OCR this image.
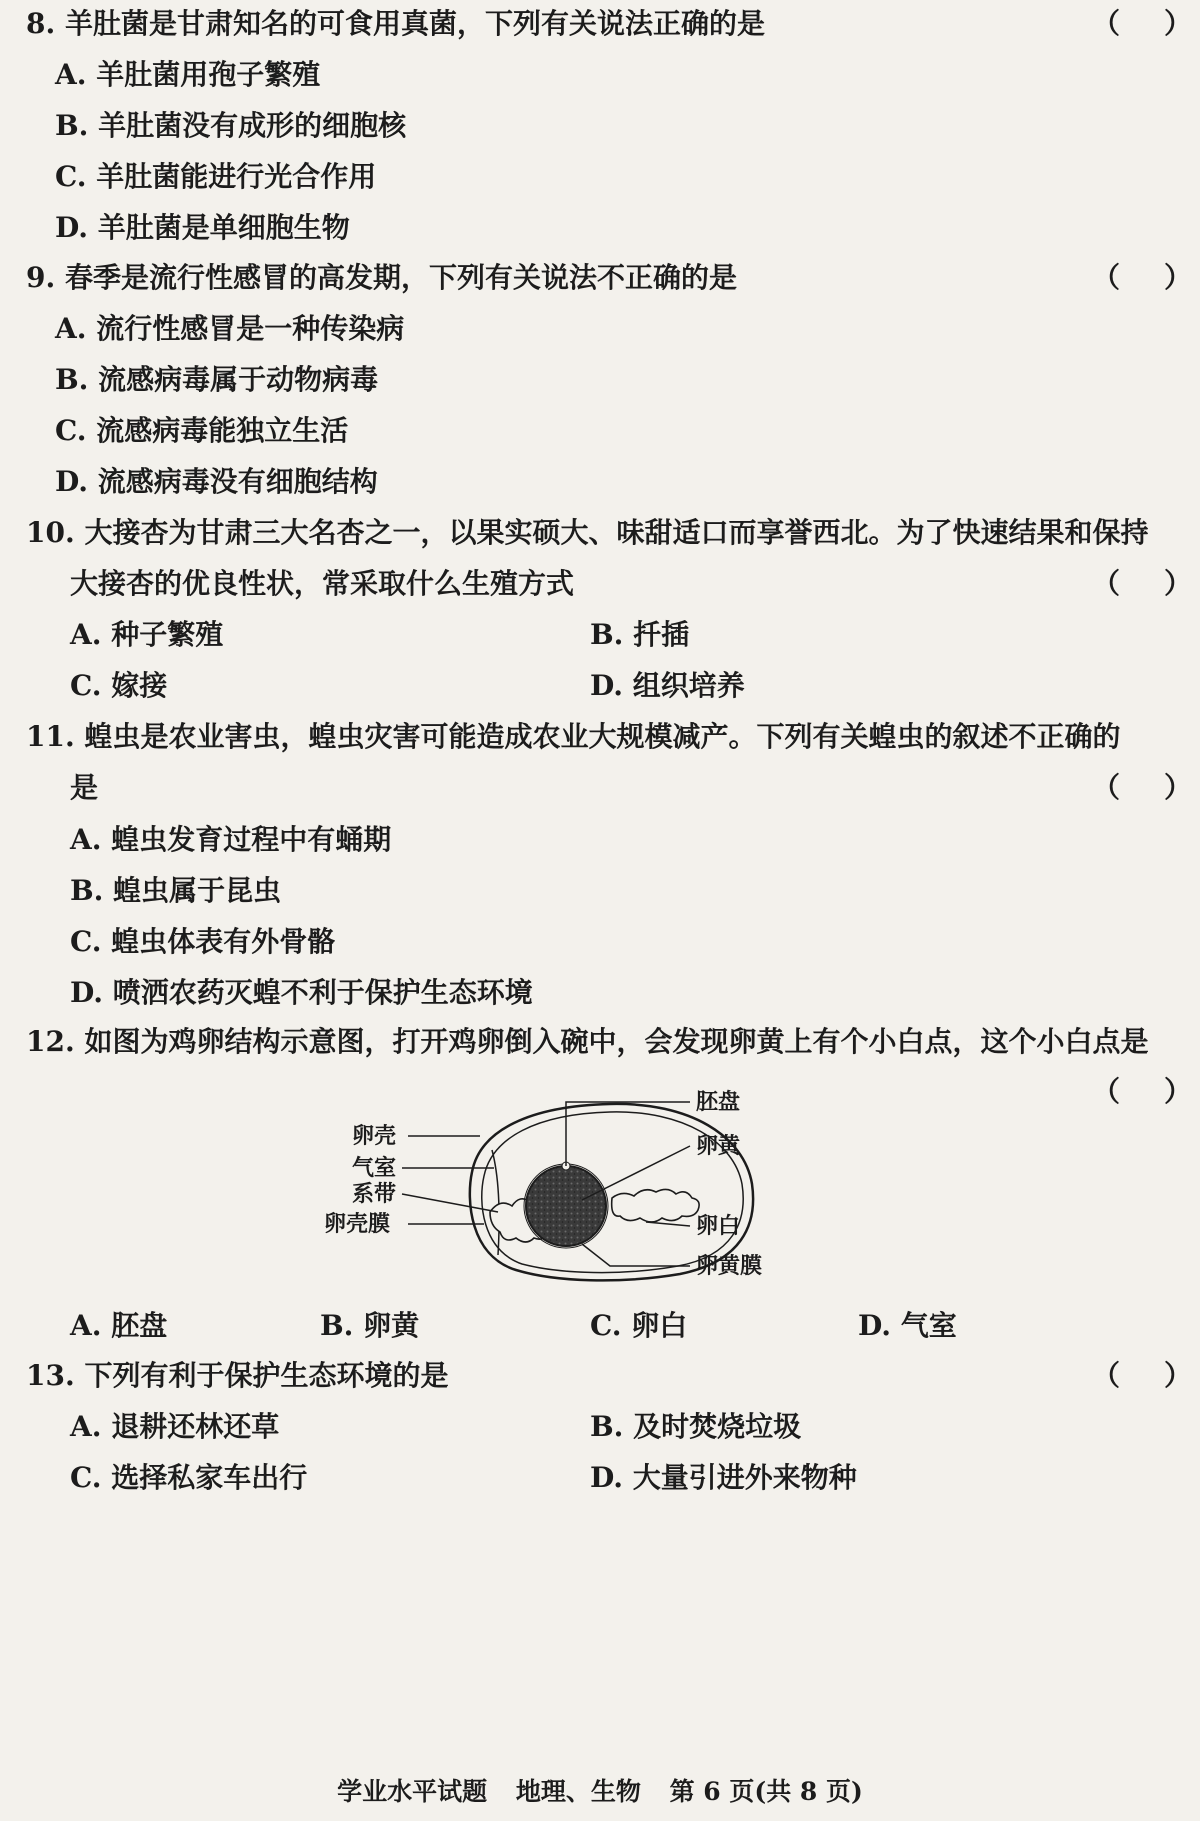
8. 羊肚菌是甘肃知名的可食用真菌，下列有关说法正确的是	（ ）
A. 羊肚菌用孢子繁殖
B. 羊肚菌没有成形的细胞核
C. 羊肚菌能进行光合作用
D. 羊肚菌是单细胞生物
9. 春季是流行性感冒的高发期，下列有关说法不正确的是	（ ）
A. 流行性感冒是一种传染病
B. 流感病毒属于动物病毒
C. 流感病毒能独立生活
D. 流感病毒没有细胞结构
10. 大接杏为甘肃三大名杏之一，以果实硕大、味甜适口而享誉西北。为了快速结果和保持
大接杏的优良性状，常采取什么生殖方式	（ ）
A. 种子繁殖	B. 扦插
C. 嫁接	D. 组织培养
11. 蝗虫是农业害虫，蝗虫灾害可能造成农业大规模减产。下列有关蝗虫的叙述不正确的
是	（ ）
A. 蝗虫发育过程中有蛹期
B. 蝗虫属于昆虫
C. 蝗虫体表有外骨骼
D. 喷洒农药灭蝗不利于保护生态环境
12. 如图为鸡卵结构示意图，打开鸡卵倒入碗中，会发现卵黄上有个小白点，这个小白点是
（ ）
卵壳
气室
系带
卵壳膜
胚盘
卵黄
卵白
卵黄膜
A. 胚盘	B. 卵黄	C. 卵白	D. 气室
13. 下列有利于保护生态环境的是	（ ）
A. 退耕还林还草	B. 及时焚烧垃圾
C. 选择私家车出行	D. 大量引进外来物种
学业水平试题 地理、生物 第 6 页(共 8 页)
